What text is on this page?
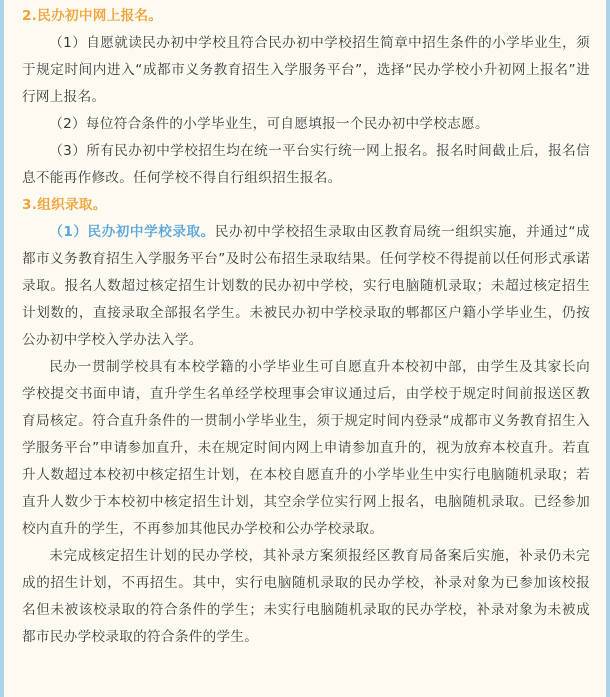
2.民办初中网上报名。

（1）自愿就读民办初中学校且符合民办初中学校招生简章中招生条件的小学毕业生，须于规定时间内进入“成都市义务教育招生入学服务平台”，选择“民办学校小升初网上报名”进行网上报名。

（2）每位符合条件的小学毕业生，可自愿填报一个民办初中学校志愿。

（3）所有民办初中学校招生均在统一平台实行统一网上报名。报名时间截止后，报名信息不能再作修改。任何学校不得自行组织招生报名。

3.组织录取。

（1）民办初中学校录取。民办初中学校招生录取由区教育局统一组织实施，并通过“成都市义务教育招生入学服务平台”及时公布招生录取结果。任何学校不得提前以任何形式承诺录取。报名人数超过核定招生计划数的民办初中学校，实行电脑随机录取；未超过核定招生计划数的，直接录取全部报名学生。未被民办初中学校录取的郫都区户籍小学毕业生，仍按公办初中学校入学办法入学。

民办一贯制学校具有本校学籍的小学毕业生可自愿直升本校初中部，由学生及其家长向学校提交书面申请，直升学生名单经学校理事会审议通过后，由学校于规定时间前报送区教育局核定。符合直升条件的一贯制小学毕业生，须于规定时间内登录“成都市义务教育招生入学服务平台”申请参加直升，未在规定时间内网上申请参加直升的，视为放弃本校直升。若直升人数超过本校初中核定招生计划，在本校自愿直升的小学毕业生中实行电脑随机录取；若直升人数少于本校初中核定招生计划，其空余学位实行网上报名，电脑随机录取。已经参加校内直升的学生，不再参加其他民办学校和公办学校录取。

未完成核定招生计划的民办学校，其补录方案须报经区教育局备案后实施，补录仍未完成的招生计划，不再招生。其中，实行电脑随机录取的民办学校，补录对象为已参加该校报名但未被该校录取的符合条件的学生；未实行电脑随机录取的民办学校，补录对象为未被成都市民办学校录取的符合条件的学生。
